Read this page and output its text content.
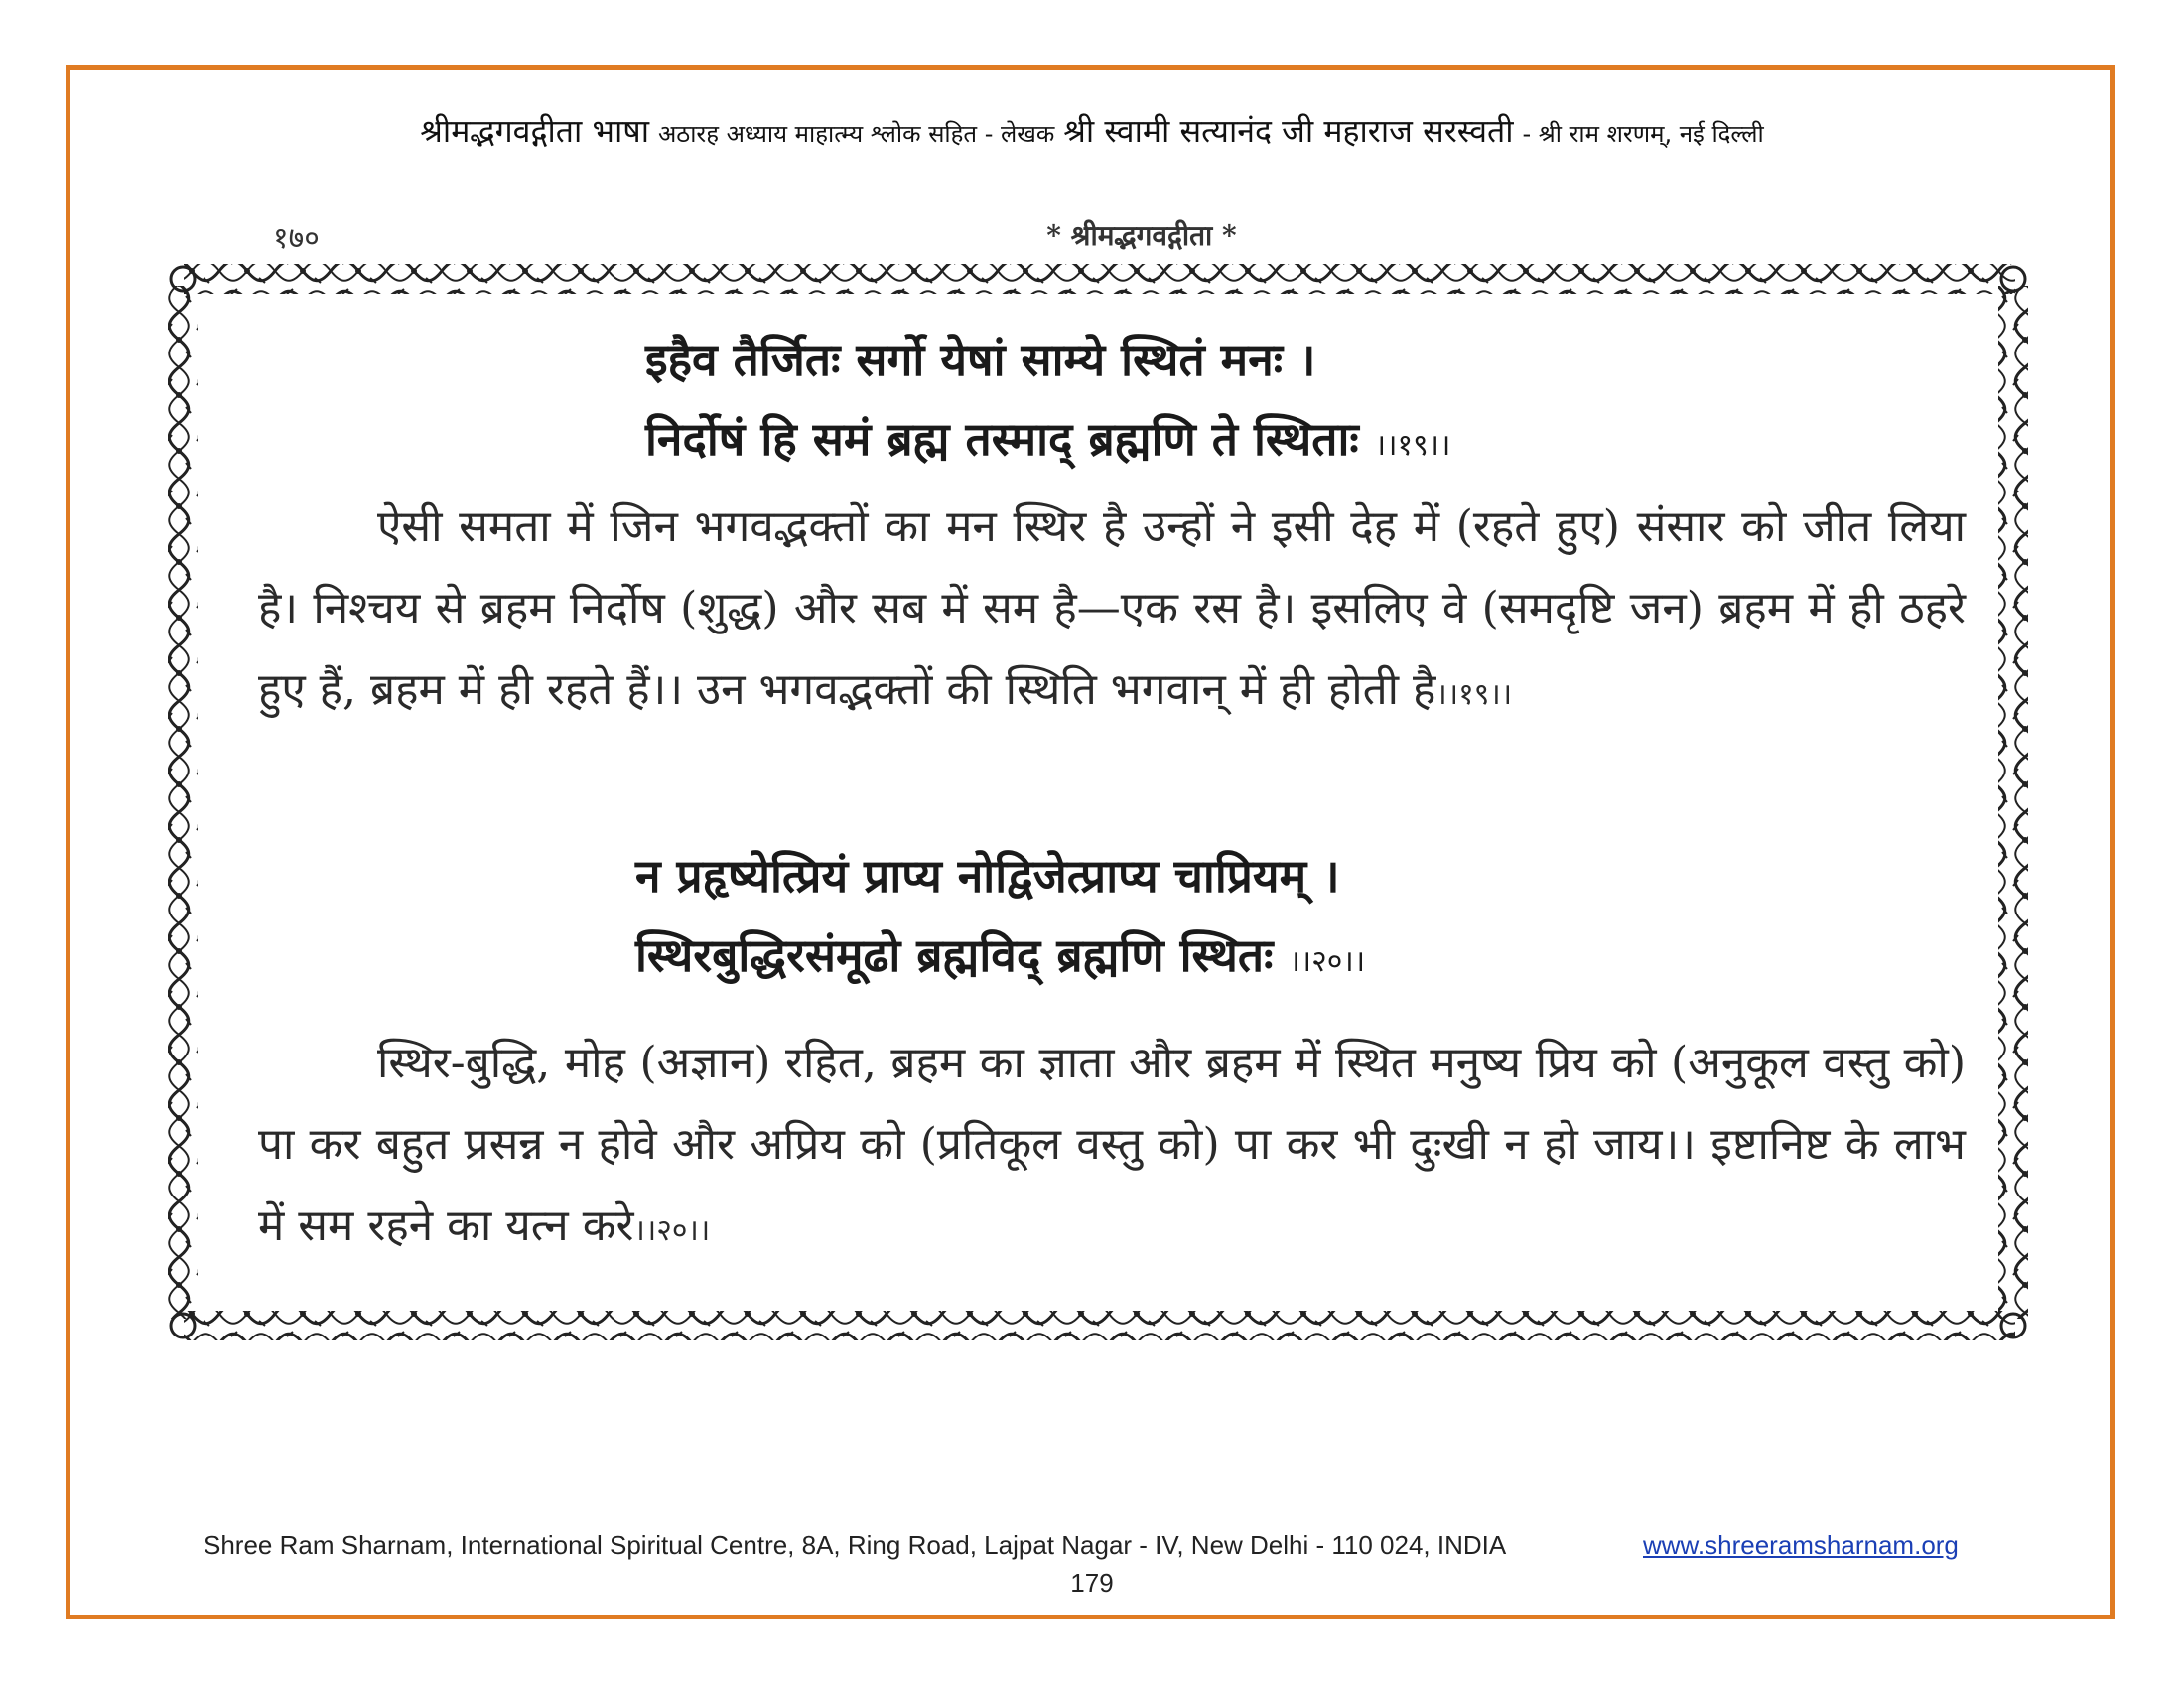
श्रीमद्भगवद्गीता भाषा अठारह अध्याय माहात्म्य श्लोक सहित - लेखक श्री स्वामी सत्यानंद जी महाराज सरस्वती - श्री राम शरणम्, नई दिल्ली
१७०	* श्रीमद्भगवद्गीता *
इहैव तैर्जितः सर्गो येषां साम्ये स्थितं मनः ।
निर्दोषं हि समं ब्रह्म तस्माद् ब्रह्मणि ते स्थिताः ।।१९।।

ऐसी समता में जिन भगवद्भक्तों का मन स्थिर है उन्हों ने इसी देह में (रहते हुए) संसार को जीत लिया है। निश्चय से ब्रहम निर्दोष (शुद्ध) और सब में सम है—एक रस है। इसलिए वे (समदृष्टि जन) ब्रहम में ही ठहरे हुए हैं, ब्रहम में ही रहते हैं।। उन भगवद्भक्तों की स्थिति भगवान् में ही होती है।।१९।।

न प्रहृष्येत्प्रियं प्राप्य नोद्विजेत्प्राप्य चाप्रियम् ।
स्थिरबुद्धिरसंमूढो ब्रह्मविद् ब्रह्मणि स्थितः ।।२०।।

स्थिर-बुद्धि, मोह (अज्ञान) रहित, ब्रहम का ज्ञाता और ब्रहम में स्थित मनुष्य प्रिय को (अनुकूल वस्तु को) पा कर बहुत प्रसन्न न होवे और अप्रिय को (प्रतिकूल वस्तु को) पा कर भी दुःखी न हो जाय।। इष्टानिष्ट के लाभ में सम रहने का यत्न करे।।२०।।

Shree Ram Sharnam, International Spiritual Centre, 8A, Ring Road, Lajpat Nagar - IV, New Delhi - 110 024, INDIA	www.shreeramsharnam.org
179
